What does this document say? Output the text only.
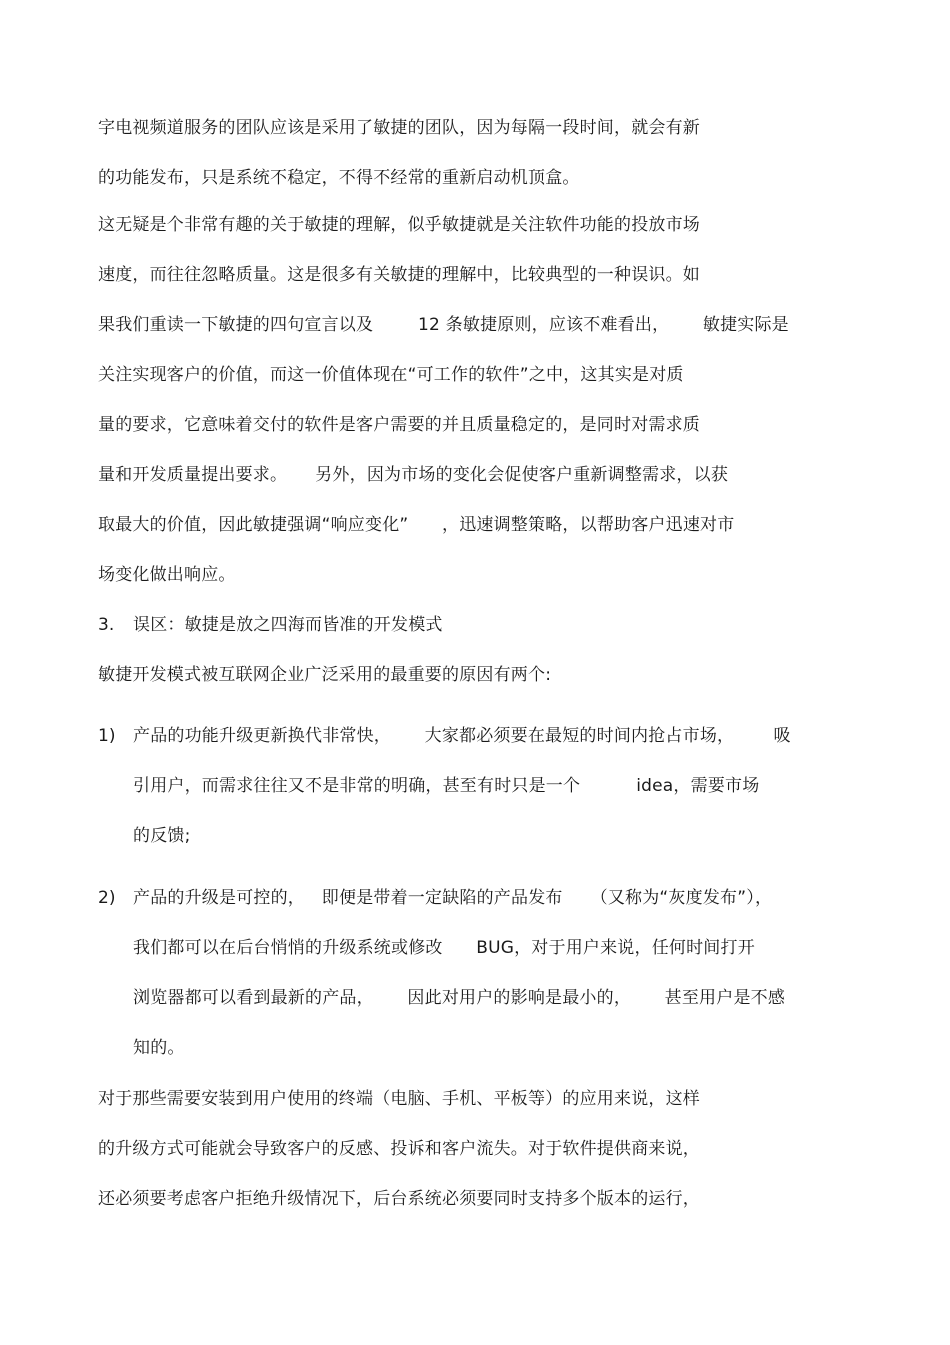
字电视频道服务的团队应该是采用了敏捷的团队，因为每隔一段时间，就会有新
的功能发布，只是系统不稳定，不得不经常的重新启动机顶盒。
这无疑是个非常有趣的关于敏捷的理解，似乎敏捷就是关注软件功能的投放市场
速度，而往往忽略质量。这是很多有关敏捷的理解中，比较典型的一种误识。如
果我们重读一下敏捷的四句宣言以及        12 条敏捷原则，应该不难看出，      敏捷实际是
关注实现客户的价值，而这一价值体现在“可工作的软件”之中，这其实是对质
量的要求，它意味着交付的软件是客户需要的并且质量稳定的，是同时对需求质
量和开发质量提出要求。     另外，因为市场的变化会促使客户重新调整需求，以获
取最大的价值，因此敏捷强调“响应变化”      ，迅速调整策略，以帮助客户迅速对市
场变化做出响应。
3. 误区：敏捷是放之四海而皆准的开发模式
敏捷开发模式被互联网企业广泛采用的最重要的原因有两个:
1) 产品的功能升级更新换代非常快，      大家都必须要在最短的时间内抢占市场，       吸
引用户，而需求往往又不是非常的明确，甚至有时只是一个          idea，需要市场
的反馈;
2) 产品的升级是可控的，   即便是带着一定缺陷的产品发布     （又称为“灰度发布”），
我们都可以在后台悄悄的升级系统或修改      BUG，对于用户来说，任何时间打开
浏览器都可以看到最新的产品，      因此对用户的影响是最小的，      甚至用户是不感
知的。
对于那些需要安装到用户使用的终端（电脑、手机、平板等）的应用来说，这样
的升级方式可能就会导致客户的反感、投诉和客户流失。对于软件提供商来说，
还必须要考虑客户拒绝升级情况下，后台系统必须要同时支持多个版本的运行，
